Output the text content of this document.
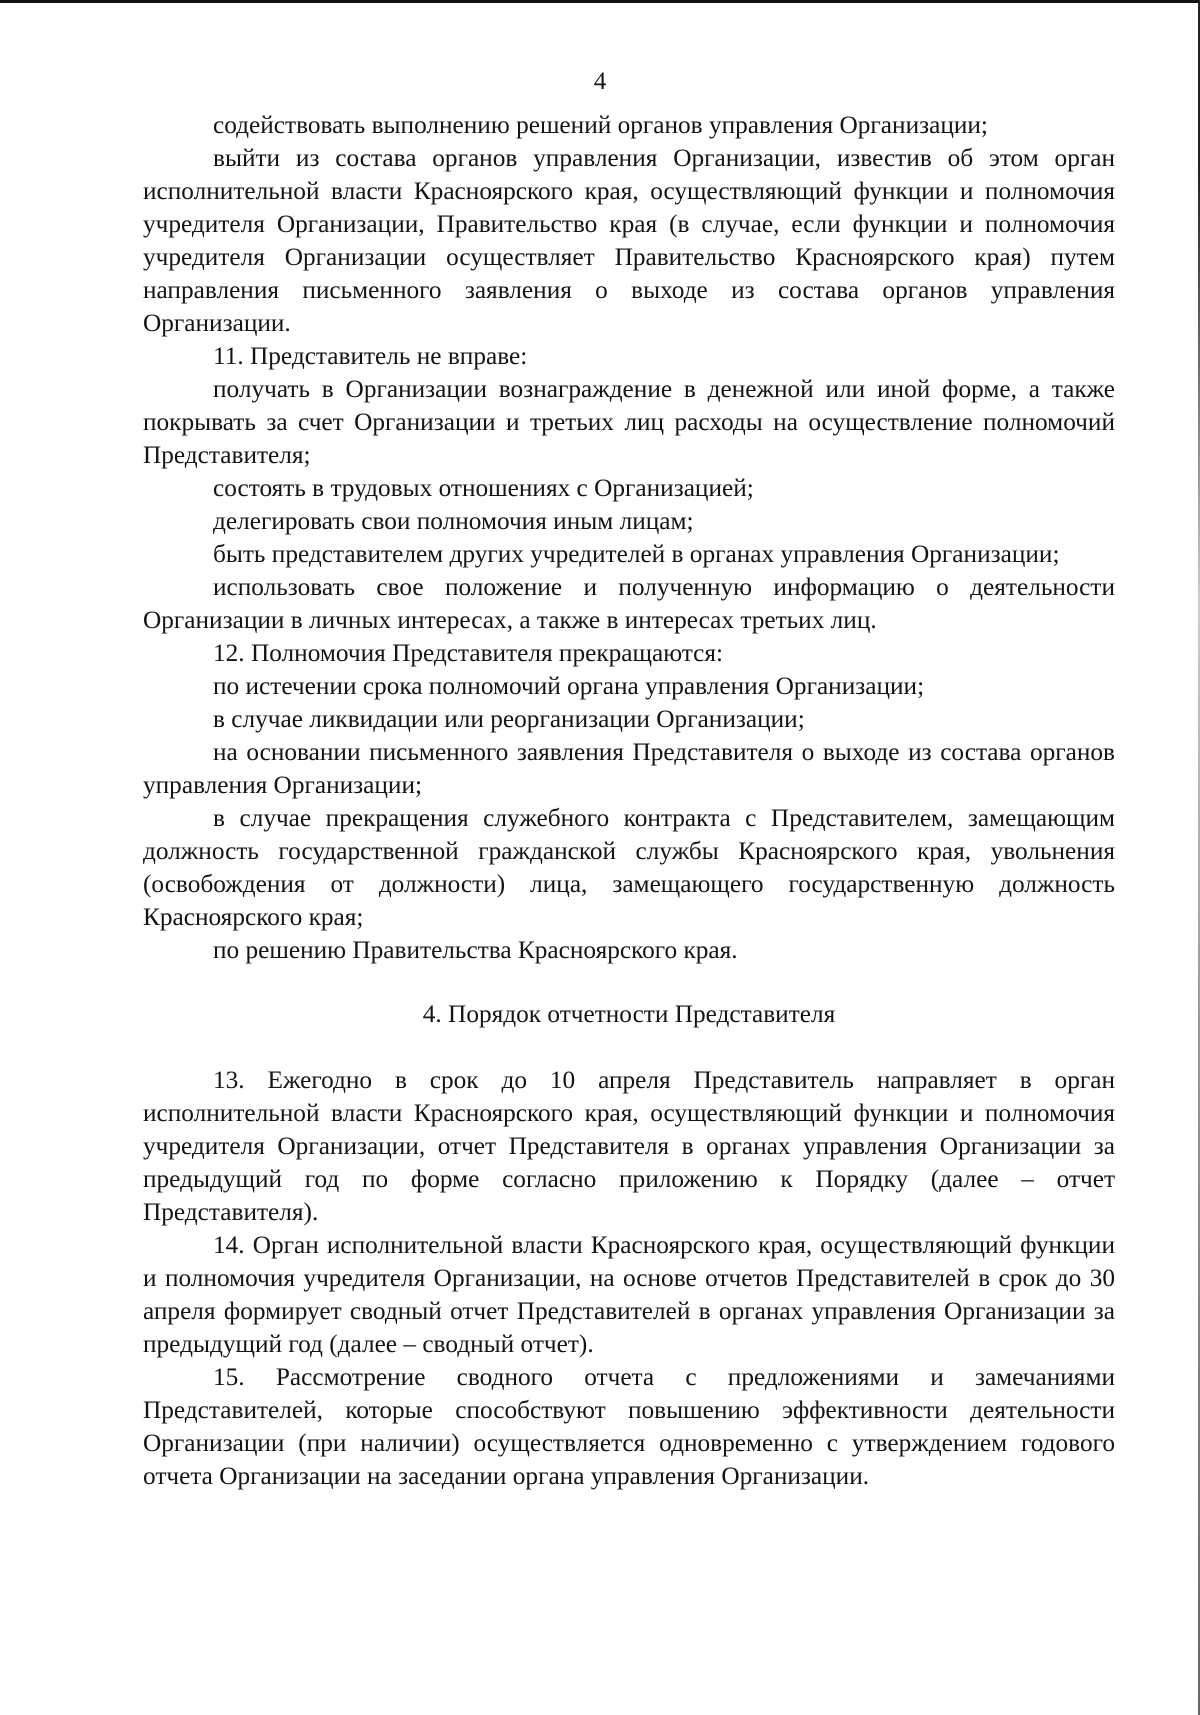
4

содействовать выполнению решений органов управления Организации;

выйти из состава органов управления Организации, известив об этом орган исполнительной власти Красноярского края, осуществляющий функции и полномочия учредителя Организации, Правительство края (в случае, если функции и полномочия учредителя Организации осуществляет Правительство Красноярского края) путем направления письменного заявления о выходе из состава органов управления Организации.

11. Представитель не вправе:

получать в Организации вознаграждение в денежной или иной форме, а также покрывать за счет Организации и третьих лиц расходы на осуществление полномочий Представителя;

состоять в трудовых отношениях с Организацией;

делегировать свои полномочия иным лицам;

быть представителем других учредителей в органах управления Организации;

использовать свое положение и полученную информацию о деятельности Организации в личных интересах, а также в интересах третьих лиц.

12. Полномочия Представителя прекращаются:

по истечении срока полномочий органа управления Организации;

в случае ликвидации или реорганизации Организации;

на основании письменного заявления Представителя о выходе из состава органов управления Организации;

в случае прекращения служебного контракта с Представителем, замещающим должность государственной гражданской службы Красноярского края, увольнения (освобождения от должности) лица, замещающего государственную должность Красноярского края;

по решению Правительства Красноярского края.

4. Порядок отчетности Представителя

13. Ежегодно в срок до 10 апреля Представитель направляет в орган исполнительной власти Красноярского края, осуществляющий функции и полномочия учредителя Организации, отчет Представителя в органах управления Организации за предыдущий год по форме согласно приложению к Порядку (далее – отчет Представителя).

14. Орган исполнительной власти Красноярского края, осуществляющий функции и полномочия учредителя Организации, на основе отчетов Представителей в срок до 30 апреля формирует сводный отчет Представителей в органах управления Организации за предыдущий год (далее – сводный отчет).

15. Рассмотрение сводного отчета с предложениями и замечаниями Представителей, которые способствуют повышению эффективности деятельности Организации (при наличии) осуществляется одновременно с утверждением годового отчета Организации на заседании органа управления Организации.
